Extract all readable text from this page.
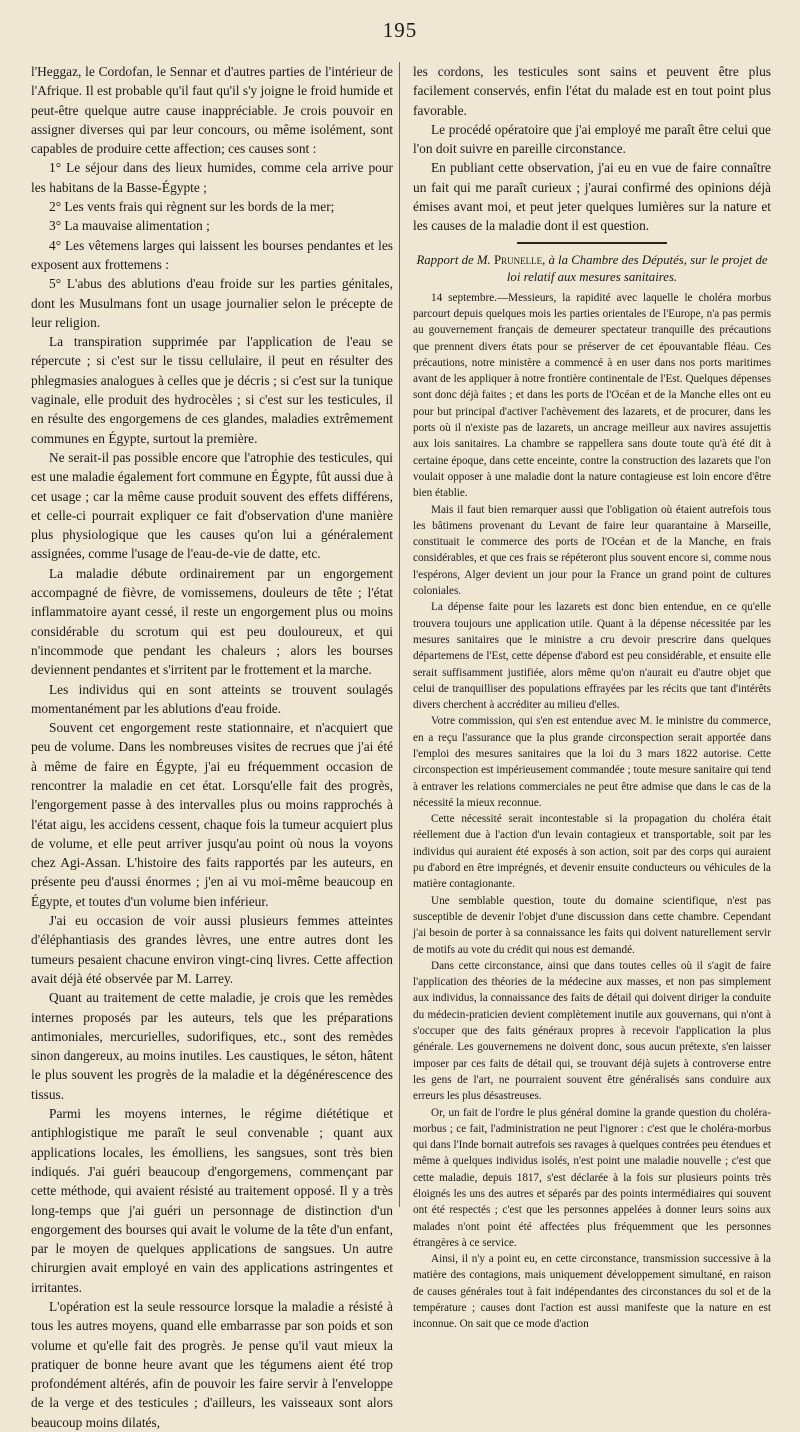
195

l'Heggaz, le Cordofan, le Sennar et d'autres parties de l'intérieur de l'Afrique. Il est probable qu'il faut qu'il s'y joigne le froid humide et peut-être quelque autre cause inappréciable. Je crois pouvoir en assigner diverses qui par leur concours, ou même isolément, sont capables de produire cette affection; ces causes sont :

1° Le séjour dans des lieux humides, comme cela arrive pour les habitans de la Basse-Égypte ;

2° Les vents frais qui règnent sur les bords de la mer;

3° La mauvaise alimentation ;

4° Les vêtemens larges qui laissent les bourses pendantes et les exposent aux frottemens :

5° L'abus des ablutions d'eau froide sur les parties génitales, dont les Musulmans font un usage journalier selon le précepte de leur religion.

La transpiration supprimée par l'application de l'eau se répercute ; si c'est sur le tissu cellulaire, il peut en résulter des phlegmasies analogues à celles que je décris ; si c'est sur la tunique vaginale, elle produit des hydrocèles ; si c'est sur les testicules, il en résulte des engorgemens de ces glandes, maladies extrêmement communes en Égypte, surtout la première.

Ne serait-il pas possible encore que l'atrophie des testicules, qui est une maladie également fort commune en Égypte, fût aussi due à cet usage ; car la même cause produit souvent des effets différens, et celle-ci pourrait expliquer ce fait d'observation d'une manière plus physiologique que les causes qu'on lui a généralement assignées, comme l'usage de l'eau-de-vie de datte, etc.

La maladie débute ordinairement par un engorgement accompagné de fièvre, de vomissemens, douleurs de tête ; l'état inflammatoire ayant cessé, il reste un engorgement plus ou moins considérable du scrotum qui est peu douloureux, et qui n'incommode que pendant les chaleurs ; alors les bourses deviennent pendantes et s'irritent par le frottement et la marche.

Les individus qui en sont atteints se trouvent soulagés momentanément par les ablutions d'eau froide.

Souvent cet engorgement reste stationnaire, et n'acquiert que peu de volume. Dans les nombreuses visites de recrues que j'ai été à même de faire en Égypte, j'ai eu fréquemment occasion de rencontrer la maladie en cet état. Lorsqu'elle fait des progrès, l'engorgement passe à des intervalles plus ou moins rapprochés à l'état aigu, les accidens cessent, chaque fois la tumeur acquiert plus de volume, et elle peut arriver jusqu'au point où nous la voyons chez Agi-Assan. L'histoire des faits rapportés par les auteurs, en présente peu d'aussi énormes ; j'en ai vu moi-même beaucoup en Égypte, et toutes d'un volume bien inférieur.

J'ai eu occasion de voir aussi plusieurs femmes atteintes d'éléphantiasis des grandes lèvres, une entre autres dont les tumeurs pesaient chacune environ vingt-cinq livres. Cette affection avait déjà été observée par M. Larrey.

Quant au traitement de cette maladie, je crois que les remèdes internes proposés par les auteurs, tels que les préparations antimoniales, mercurielles, sudorifiques, etc., sont des remèdes sinon dangereux, au moins inutiles. Les caustiques, le séton, hâtent le plus souvent les progrès de la maladie et la dégénérescence des tissus.

Parmi les moyens internes, le régime diététique et antiphlogistique me paraît le seul convenable ; quant aux applications locales, les émolliens, les sangsues, sont très bien indiqués. J'ai guéri beaucoup d'engorgemens, commençant par cette méthode, qui avaient résisté au traitement opposé. Il y a très long-temps que j'ai guéri un personnage de distinction d'un engorgement des bourses qui avait le volume de la tête d'un enfant, par le moyen de quelques applications de sangsues. Un autre chirurgien avait employé en vain des applications astringentes et irritantes.

L'opération est la seule ressource lorsque la maladie a résisté à tous les autres moyens, quand elle embarrasse par son poids et son volume et qu'elle fait des progrès. Je pense qu'il vaut mieux la pratiquer de bonne heure avant que les tégumens aient été trop profondément altérés, afin de pouvoir les faire servir à l'enveloppe de la verge et des testicules ; d'ailleurs, les vaisseaux sont alors beaucoup moins dilatés,

les cordons, les testicules sont sains et peuvent être plus facilement conservés, enfin l'état du malade est en tout point plus favorable.

Le procédé opératoire que j'ai employé me paraît être celui que l'on doit suivre en pareille circonstance.

En publiant cette observation, j'ai eu en vue de faire connaître un fait qui me paraît curieux ; j'aurai confirmé des opinions déjà émises avant moi, et peut jeter quelques lumières sur la nature et les causes de la maladie dont il est question.

Rapport de M. Prunelle, à la Chambre des Députés, sur le projet de loi relatif aux mesures sanitaires.

14 septembre.—Messieurs, la rapidité avec laquelle le choléra morbus parcourt depuis quelques mois les parties orientales de l'Europe, n'a pas permis au gouvernement français de demeurer spectateur tranquille des précautions que prennent divers états pour se préserver de cet épouvantable fléau. Ces précautions, notre ministère a commencé à en user dans nos ports maritimes avant de les appliquer à notre frontière continentale de l'Est. Quelques dépenses sont donc déjà faites ; et dans les ports de l'Océan et de la Manche elles ont eu pour but principal d'activer l'achèvement des lazarets, et de procurer, dans les ports où il n'existe pas de lazarets, un ancrage meilleur aux navires assujettis aux lois sanitaires. La chambre se rappellera sans doute toute qu'à été dit à certaine époque, dans cette enceinte, contre la construction des lazarets que l'on voulait opposer à une maladie dont la nature contagieuse est loin encore d'être bien établie.

Mais il faut bien remarquer aussi que l'obligation où étaient autrefois tous les bâtimens provenant du Levant de faire leur quarantaine à Marseille, constituait le commerce des ports de l'Océan et de la Manche, en frais considérables, et que ces frais se répéteront plus souvent encore si, comme nous l'espérons, Alger devient un jour pour la France un grand point de cultures coloniales.

La dépense faite pour les lazarets est donc bien entendue, en ce qu'elle trouvera toujours une application utile. Quant à la dépense nécessitée par les mesures sanitaires que le ministre a cru devoir prescrire dans quelques départemens de l'Est, cette dépense d'abord est peu considérable, et ensuite elle serait suffisamment justifiée, alors même qu'on n'aurait eu d'autre objet que celui de tranquilliser des populations effrayées par les récits que tant d'intérêts divers cherchent à accréditer au milieu d'elles.

Votre commission, qui s'en est entendue avec M. le ministre du commerce, en a reçu l'assurance que la plus grande circonspection serait apportée dans l'emploi des mesures sanitaires que la loi du 3 mars 1822 autorise. Cette circonspection est impérieusement commandée ; toute mesure sanitaire qui tend à entraver les relations commerciales ne peut être admise que dans le cas de la nécessité la mieux reconnue.

Cette nécessité serait incontestable si la propagation du choléra était réellement due à l'action d'un levain contagieux et transportable, soit par les individus qui auraient été exposés à son action, soit par des corps qui auraient pu d'abord en être imprégnés, et devenir ensuite conducteurs ou véhicules de la matière contagionante.

Une semblable question, toute du domaine scientifique, n'est pas susceptible de devenir l'objet d'une discussion dans cette chambre. Cependant j'ai besoin de porter à sa connaissance les faits qui doivent naturellement servir de motifs au vote du crédit qui nous est demandé.

Dans cette circonstance, ainsi que dans toutes celles où il s'agit de faire l'application des théories de la médecine aux masses, et non pas simplement aux individus, la connaissance des faits de détail qui doivent diriger la conduite du médecin-praticien devient complètement inutile aux gouvernans, qui n'ont à s'occuper que des faits généraux propres à recevoir l'application la plus générale. Les gouvernemens ne doivent donc, sous aucun prétexte, s'en laisser imposer par ces faits de détail qui, se trouvant déjà sujets à controverse entre les gens de l'art, ne pourraient souvent être généralisés sans conduire aux erreurs les plus désastreuses.

Or, un fait de l'ordre le plus général domine la grande question du choléra-morbus ; ce fait, l'administration ne peut l'ignorer : c'est que le choléra-morbus qui dans l'Inde bornait autrefois ses ravages à quelques contrées peu étendues et même à quelques individus isolés, n'est point une maladie nouvelle ; c'est que cette maladie, depuis 1817, s'est déclarée à la fois sur plusieurs points très éloignés les uns des autres et séparés par des points intermédiaires qui souvent ont été respectés ; c'est que les personnes appelées à donner leurs soins aux malades n'ont point été affectées plus fréquemment que les personnes étrangères à ce service.

Ainsi, il n'y a point eu, en cette circonstance, transmission successive à la matière des contagions, mais uniquement développement simultané, en raison de causes générales tout à fait indépendantes des circonstances du sol et de la température ; causes dont l'action est aussi manifeste que la nature en est inconnue. On sait que ce mode d'action
